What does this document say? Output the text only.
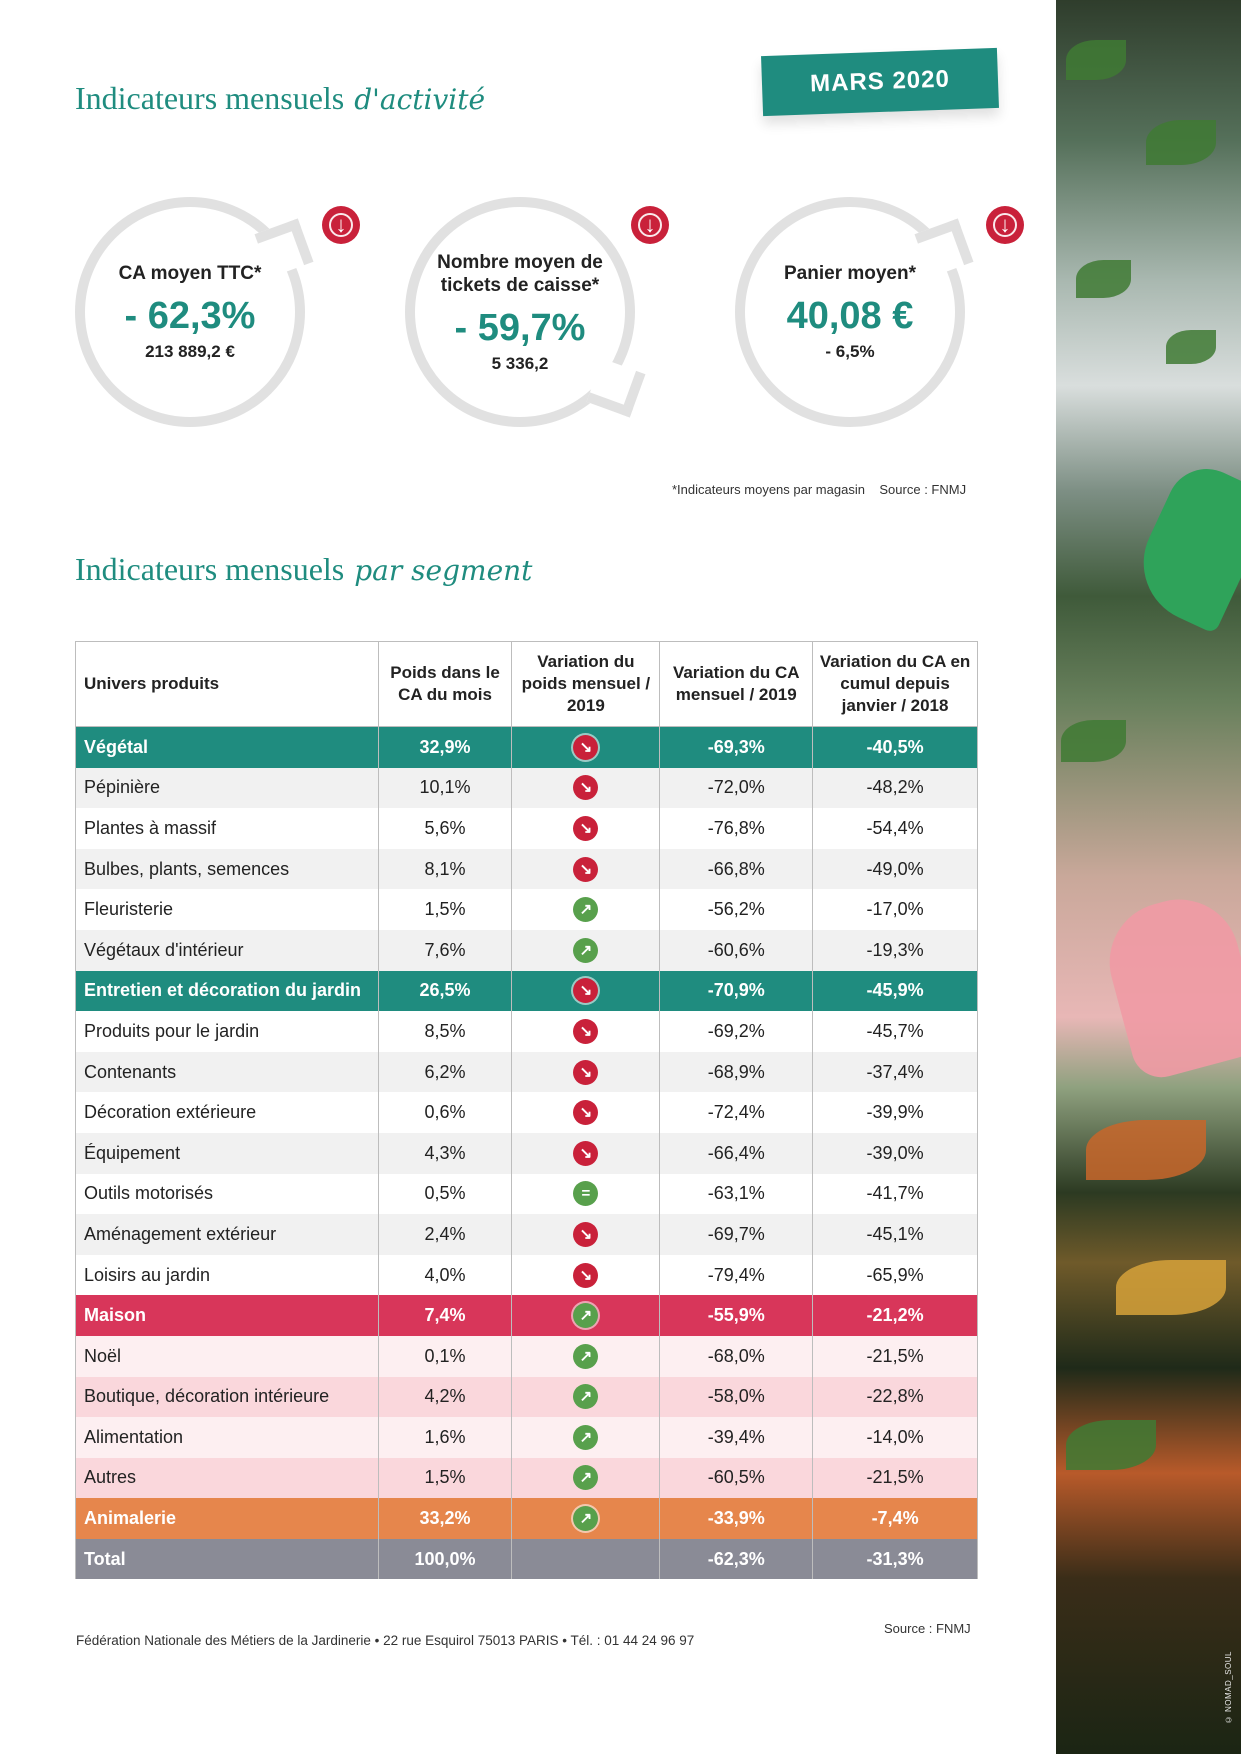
© NOMAD_SOUL
Indicateurs mensuels d'activité
MARS 2020
CA moyen TTC*
- 62,3%
213 889,2 €
↓
Nombre moyen de tickets de caisse*
- 59,7%
5 336,2
↓
Panier moyen*
40,08 €
- 6,5%
↓
*Indicateurs moyens par magasin Source : FNMJ
Indicateurs mensuels par segment
Univers produits	Poids dans le CA du mois	Variation du poids mensuel / 2019	Variation du CA mensuel / 2019	Variation du CA en cumul depuis janvier / 2018
Végétal	32,9%	↘	-69,3%	-40,5%
Pépinière	10,1%	↘	-72,0%	-48,2%
Plantes à massif	5,6%	↘	-76,8%	-54,4%
Bulbes, plants, semences	8,1%	↘	-66,8%	-49,0%
Fleuristerie	1,5%	↗	-56,2%	-17,0%
Végétaux d'intérieur	7,6%	↗	-60,6%	-19,3%
Entretien et décoration du jardin	26,5%	↘	-70,9%	-45,9%
Produits pour le jardin	8,5%	↘	-69,2%	-45,7%
Contenants	6,2%	↘	-68,9%	-37,4%
Décoration extérieure	0,6%	↘	-72,4%	-39,9%
Équipement	4,3%	↘	-66,4%	-39,0%
Outils motorisés	0,5%	=	-63,1%	-41,7%
Aménagement extérieur	2,4%	↘	-69,7%	-45,1%
Loisirs au jardin	4,0%	↘	-79,4%	-65,9%
Maison	7,4%	↗	-55,9%	-21,2%
Noël	0,1%	↗	-68,0%	-21,5%
Boutique, décoration intérieure	4,2%	↗	-58,0%	-22,8%
Alimentation	1,6%	↗	-39,4%	-14,0%
Autres	1,5%	↗	-60,5%	-21,5%
Animalerie	33,2%	↗	-33,9%	-7,4%
Total	100,0%		-62,3%	-31,3%
Source : FNMJ
Fédération Nationale des Métiers de la Jardinerie • 22 rue Esquirol 75013 PARIS • Tél. : 01 44 24 96 97
